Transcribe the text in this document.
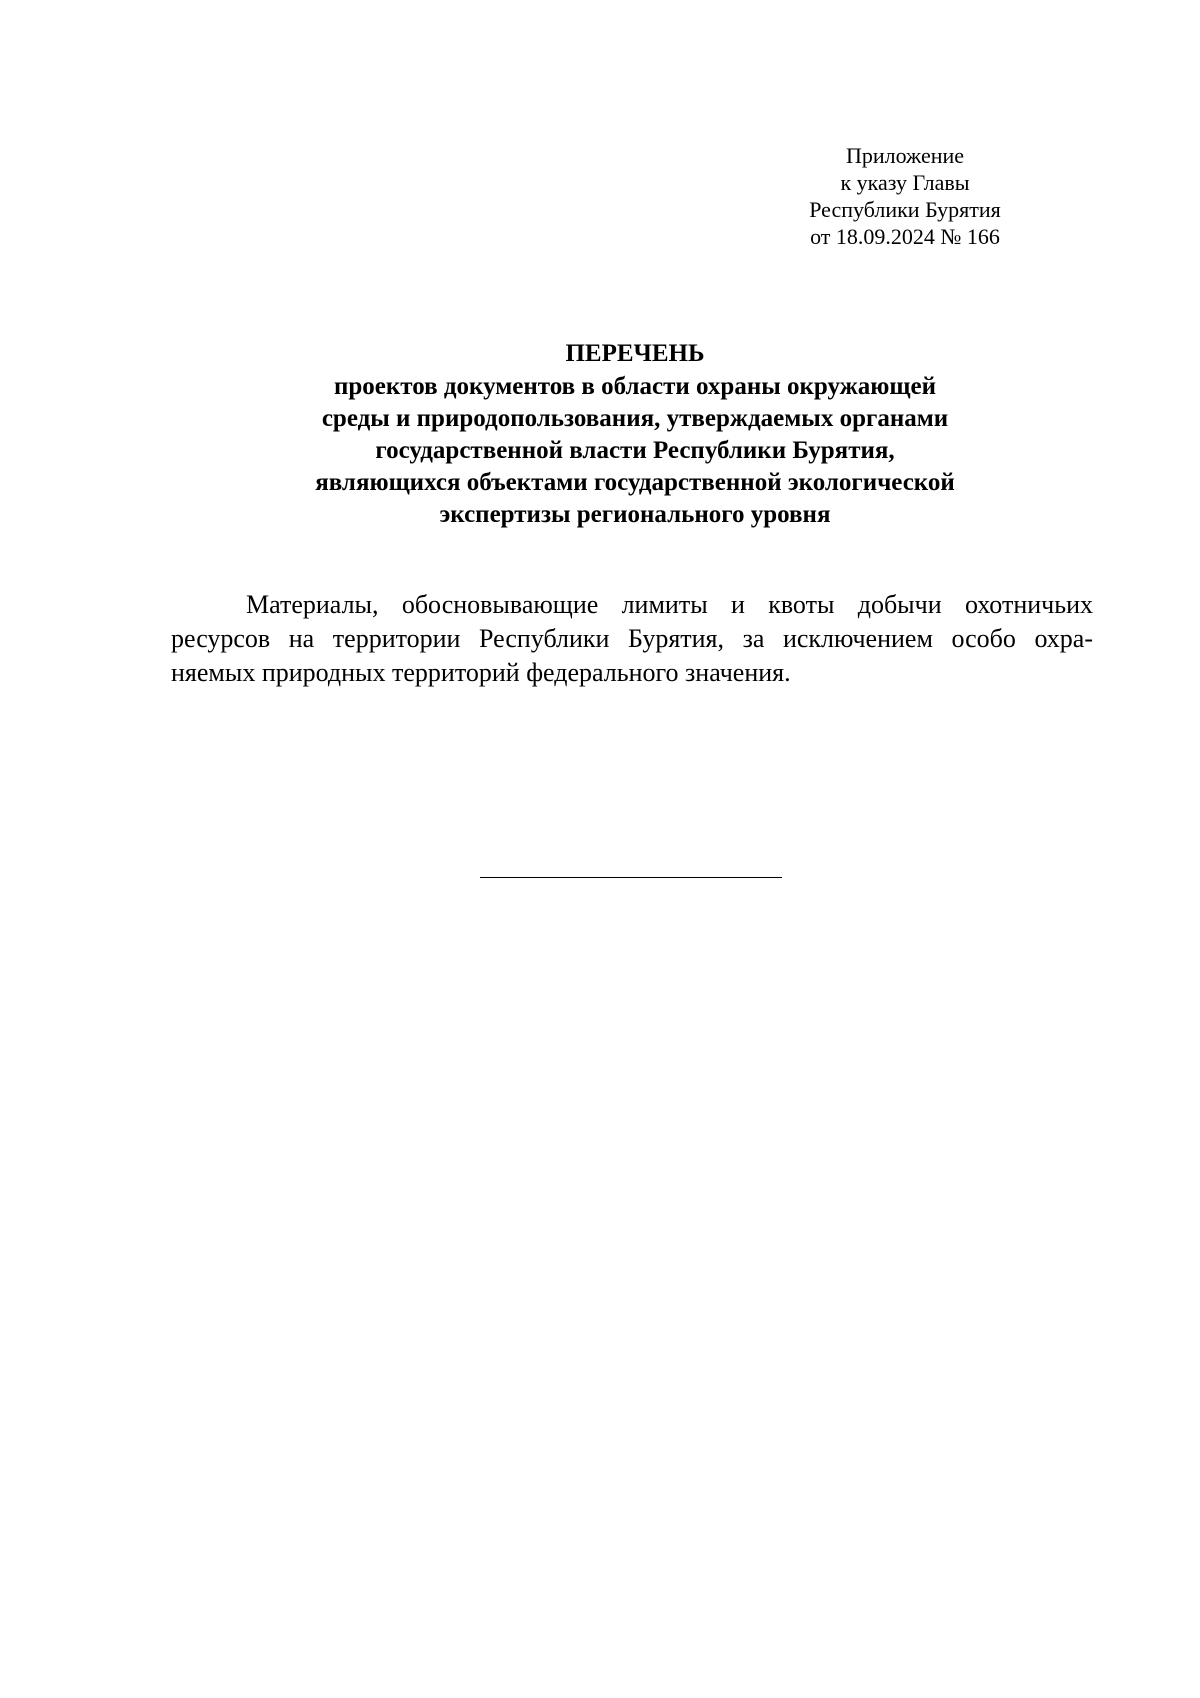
Приложение
к указу Главы
Республики Бурятия
от 18.09.2024 № 166
ПЕРЕЧЕНЬ
проектов документов в области охраны окружающей
среды и природопользования, утверждаемых органами
государственной власти Республики Бурятия,
являющихся объектами государственной экологической
экспертизы регионального уровня
Материалы, обосновывающие лимиты и квоты добычи охотничьих
ресурсов на территории Республики Бурятия, за исключением особо охра-
няемых природных территорий федерального значения.
